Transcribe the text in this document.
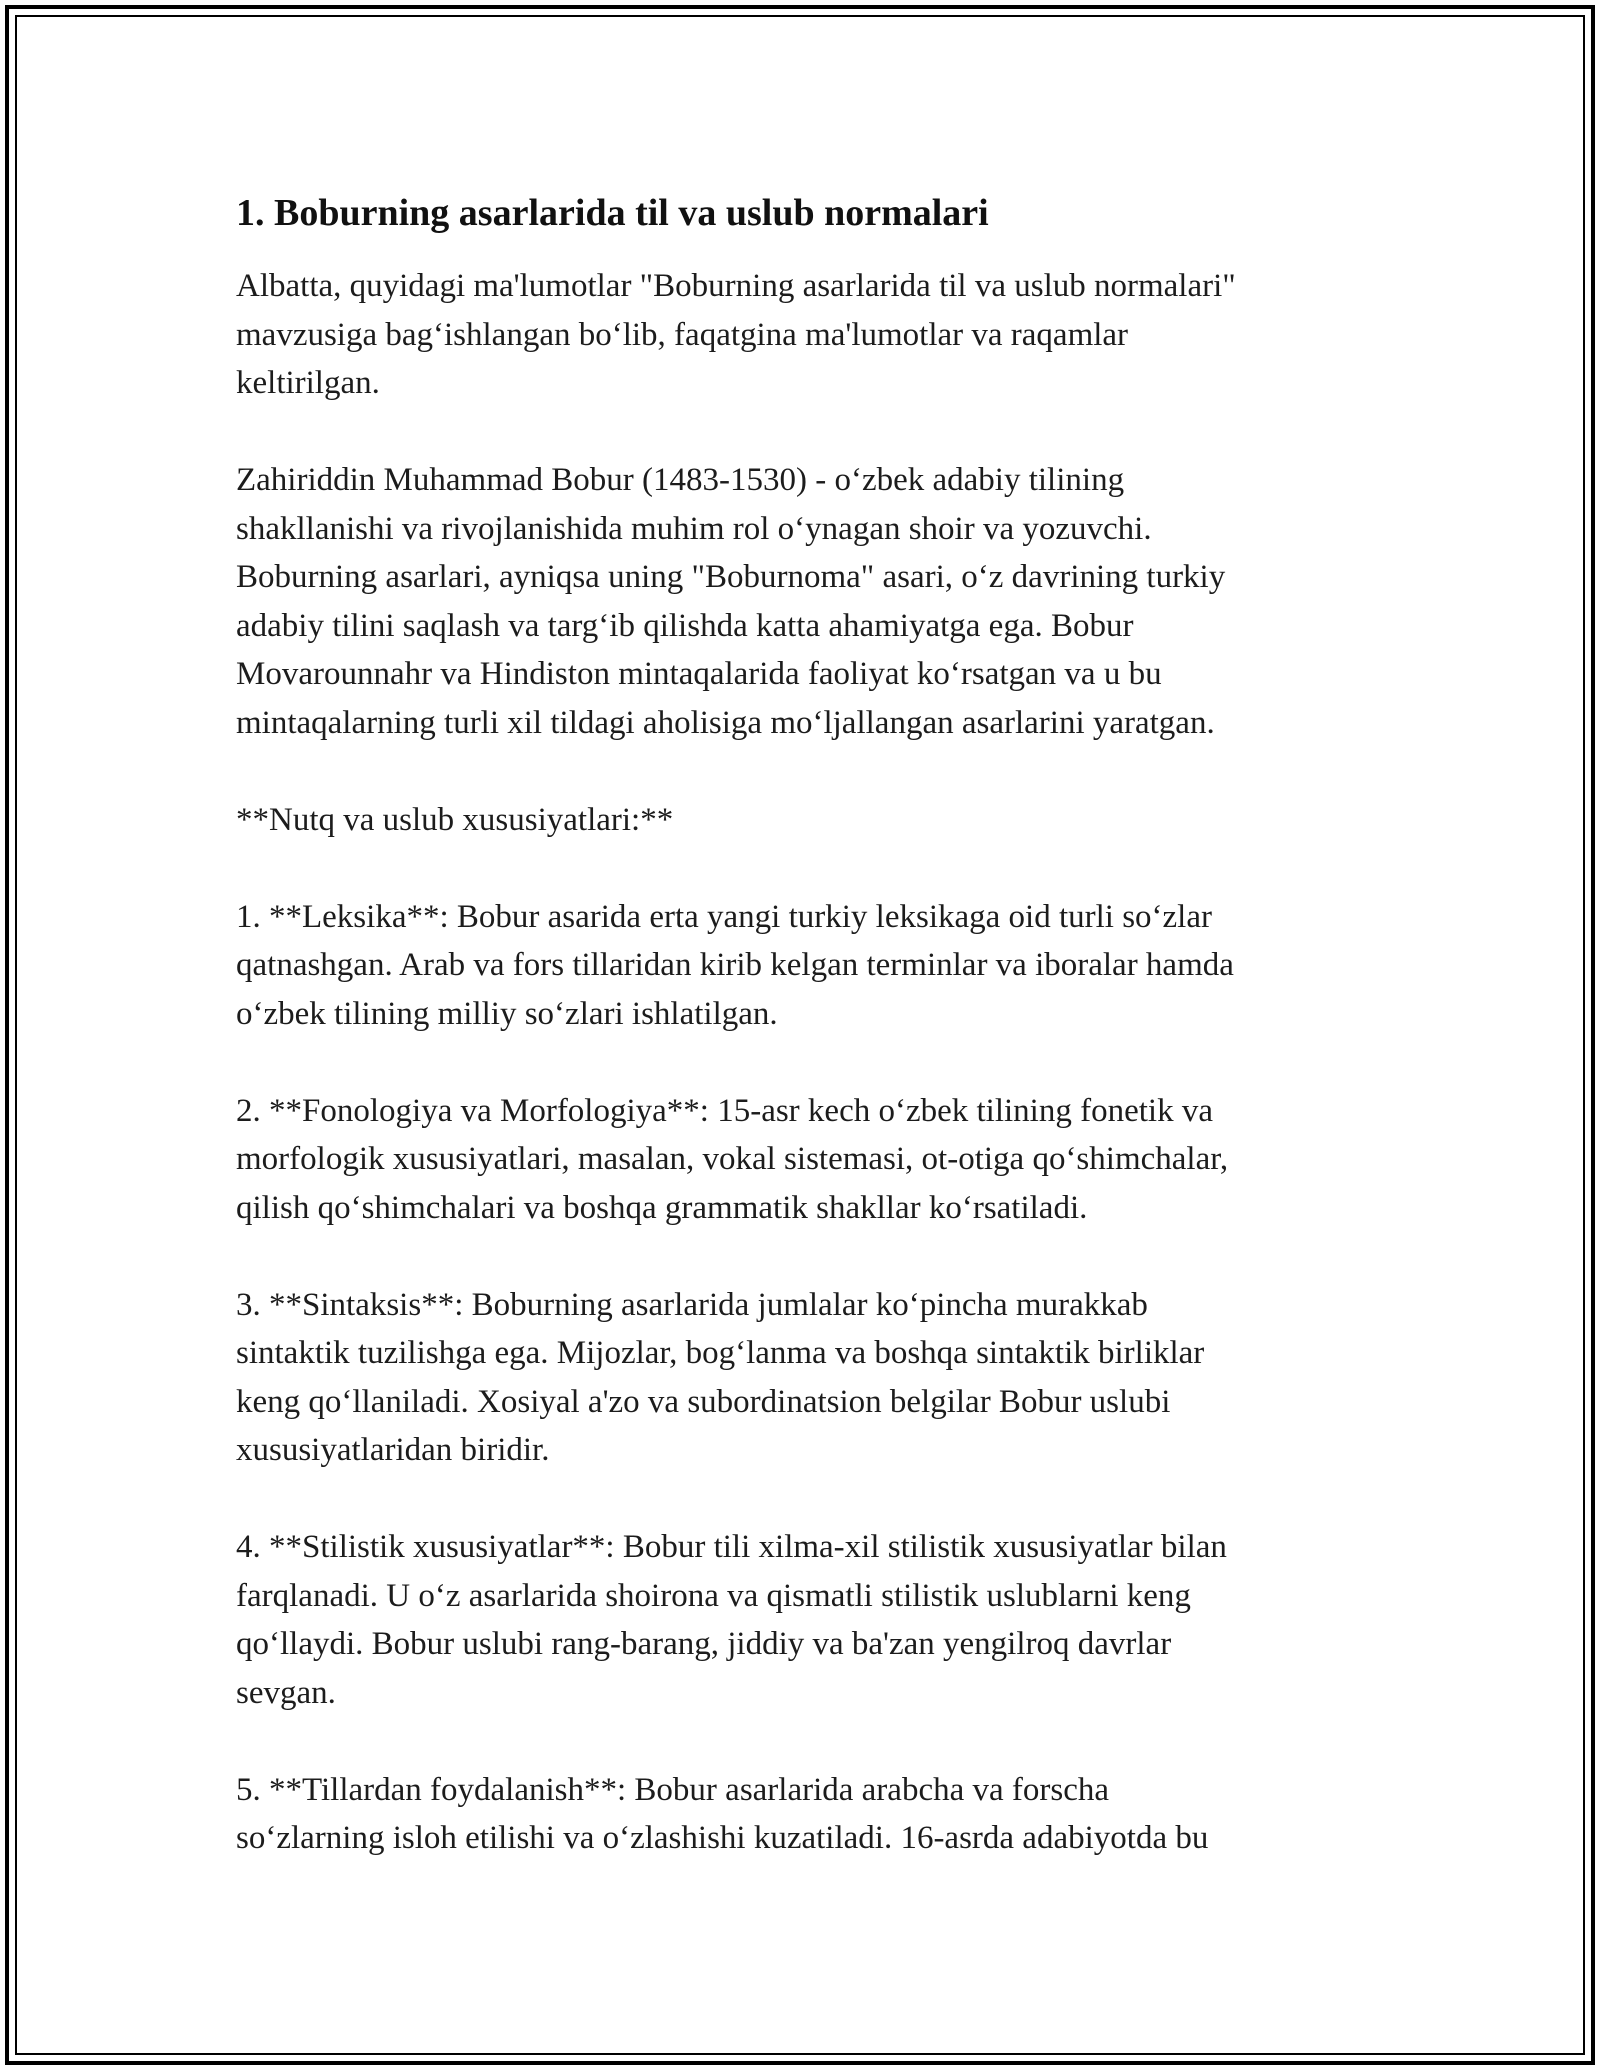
1. Boburning asarlarida til va uslub normalari
Albatta, quyidagi ma'lumotlar "Boburning asarlarida til va uslub normalari"
mavzusiga bag‘ishlangan bo‘lib, faqatgina ma'lumotlar va raqamlar
keltirilgan.
Zahiriddin Muhammad Bobur (1483-1530) - o‘zbek adabiy tilining
shakllanishi va rivojlanishida muhim rol o‘ynagan shoir va yozuvchi.
Boburning asarlari, ayniqsa uning "Boburnoma" asari, o‘z davrining turkiy
adabiy tilini saqlash va targ‘ib qilishda katta ahamiyatga ega. Bobur
Movarounnahr va Hindiston mintaqalarida faoliyat ko‘rsatgan va u bu
mintaqalarning turli xil tildagi aholisiga mo‘ljallangan asarlarini yaratgan.
**Nutq va uslub xususiyatlari:**
1. **Leksika**: Bobur asarida erta yangi turkiy leksikaga oid turli so‘zlar
qatnashgan. Arab va fors tillaridan kirib kelgan terminlar va iboralar hamda
o‘zbek tilining milliy so‘zlari ishlatilgan.
2. **Fonologiya va Morfologiya**: 15-asr kech o‘zbek tilining fonetik va
morfologik xususiyatlari, masalan, vokal sistemasi, ot-otiga qo‘shimchalar,
qilish qo‘shimchalari va boshqa grammatik shakllar ko‘rsatiladi.
3. **Sintaksis**: Boburning asarlarida jumlalar ko‘pincha murakkab
sintaktik tuzilishga ega. Mijozlar, bog‘lanma va boshqa sintaktik birliklar
keng qo‘llaniladi. Xosiyal a'zo va subordinatsion belgilar Bobur uslubi
xususiyatlaridan biridir.
4. **Stilistik xususiyatlar**: Bobur tili xilma-xil stilistik xususiyatlar bilan
farqlanadi. U o‘z asarlarida shoirona va qismatli stilistik uslublarni keng
qo‘llaydi. Bobur uslubi rang-barang, jiddiy va ba'zan yengilroq davrlar
sevgan.
5. **Tillardan foydalanish**: Bobur asarlarida arabcha va forscha
so‘zlarning isloh etilishi va o‘zlashishi kuzatiladi. 16-asrda adabiyotda bu
